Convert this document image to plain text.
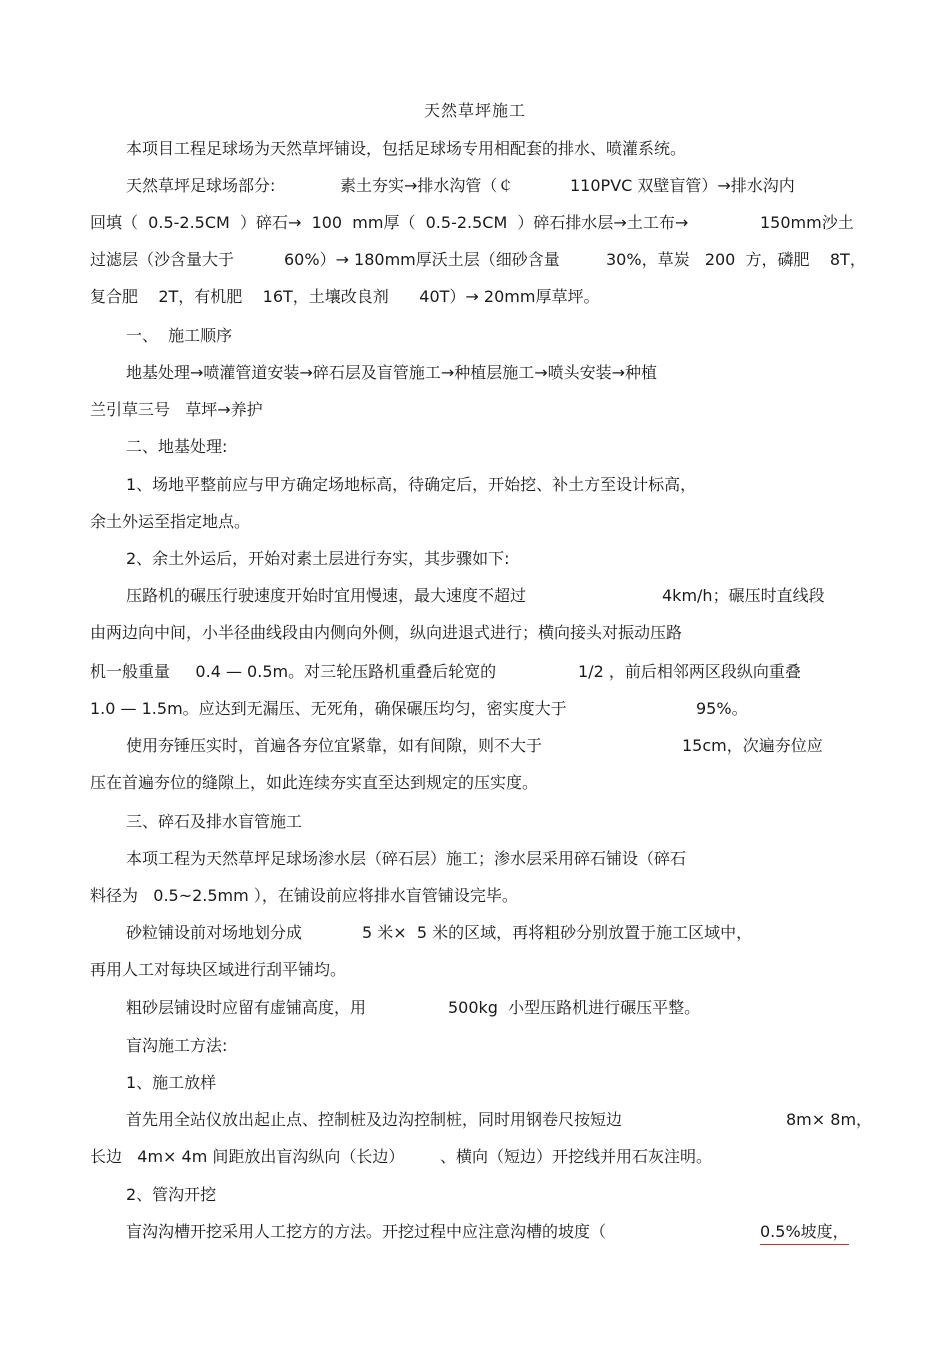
天然草坪施工
本项目工程足球场为天然草坪铺设，包括足球场专用相配套的排水、喷灌系统。
天然草坪足球场部分:	素土夯实→排水沟管（￠	110PVC 双壁盲管）→排水沟内
回填（  0.5-2.5CM  ）碎石→  100  mm厚（  0.5-2.5CM  ）碎石排水层→土工布→	150mm沙土
过滤层（沙含量大于	60%）→ 180mm厚沃土层（细砂含量	30%，草炭   200  方，磷肥    8T，
复合肥    2T，有机肥    16T，土壤改良剂      40T）→ 20mm厚草坪。
一、  施工顺序
地基处理→喷灌管道安装→碎石层及盲管施工→种植层施工→喷头安装→种植
兰引草三号   草坪→养护
二、地基处理:
1、场地平整前应与甲方确定场地标高，待确定后，开始挖、补土方至设计标高，
余土外运至指定地点。
2、余土外运后，开始对素土层进行夯实，其步骤如下:
压路机的碾压行驶速度开始时宜用慢速，最大速度不超过	4km/h；碾压时直线段
由两边向中间，小半径曲线段由内侧向外侧，纵向进退式进行；横向接头对振动压路
机一般重量     0.4 — 0.5m。对三轮压路机重叠后轮宽的	1/2 ，前后相邻两区段纵向重叠
1.0 — 1.5m。应达到无漏压、无死角，确保碾压均匀，密实度大于	95%。
使用夯锤压实时，首遍各夯位宜紧靠，如有间隙，则不大于	15cm，次遍夯位应
压在首遍夯位的缝隙上，如此连续夯实直至达到规定的压实度。
三、碎石及排水盲管施工
本项工程为天然草坪足球场渗水层（碎石层）施工；渗水层采用碎石铺设（碎石
料径为   0.5~2.5mm ），在铺设前应将排水盲管铺设完毕。
砂粒铺设前对场地划分成	5 米×  5 米的区域，再将粗砂分别放置于施工区域中，
再用人工对每块区域进行刮平铺均。
粗砂层铺设时应留有虚铺高度，用	500kg  小型压路机进行碾压平整。
盲沟施工方法:
1、施工放样
首先用全站仪放出起止点、控制桩及边沟控制桩，同时用钢卷尺按短边	8m× 8m，
长边   4m× 4m 间距放出盲沟纵向（长边） 、横向（短边）开挖线并用石灰注明。
2、管沟开挖
盲沟沟槽开挖采用人工挖方的方法。开挖过程中应注意沟槽的坡度（	0.5%坡度，
